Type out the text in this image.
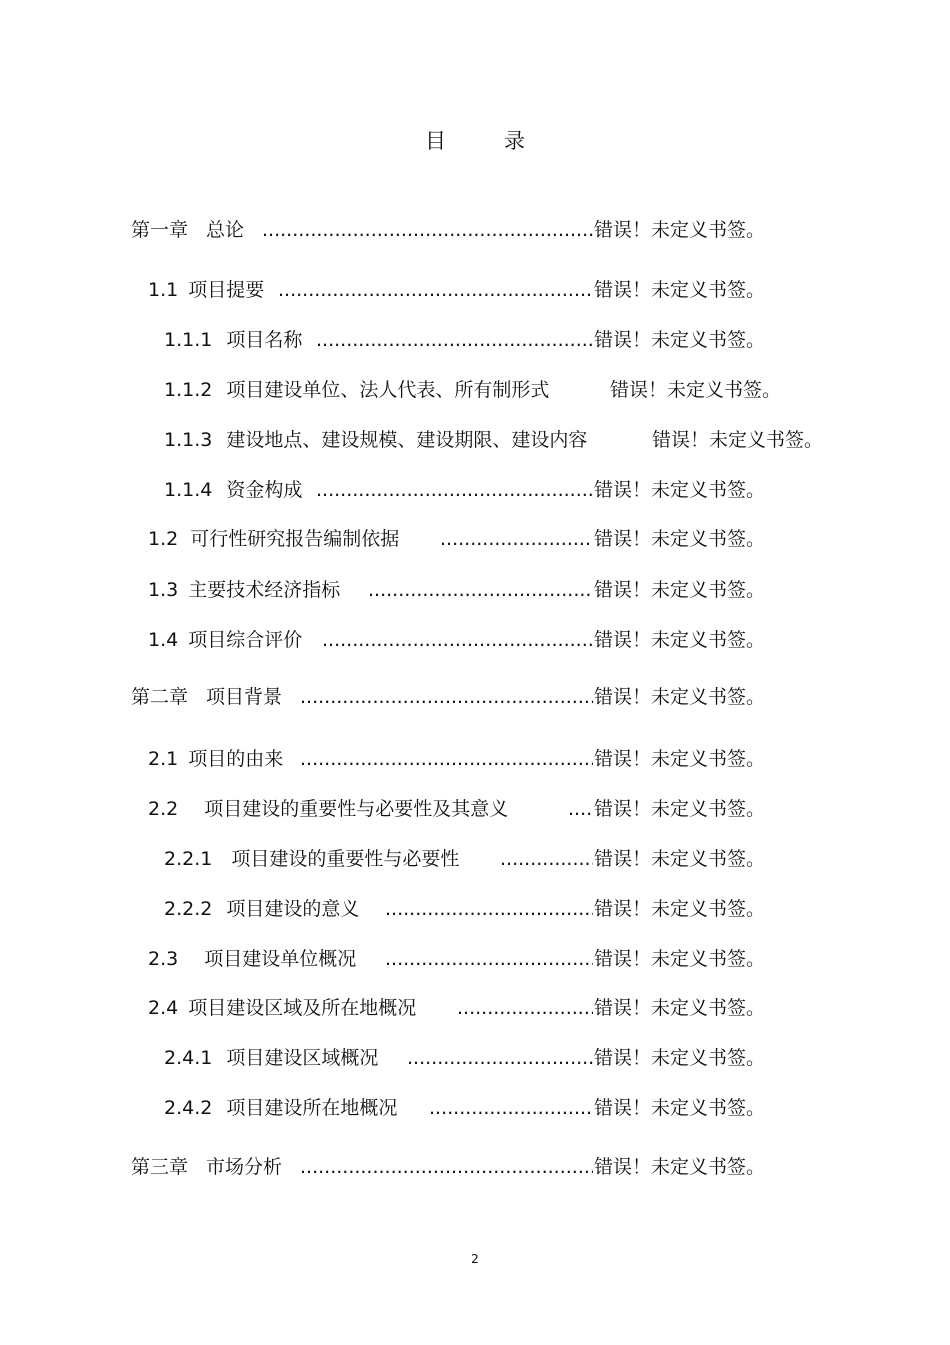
目	录
第一章 总论 .....	错误！未定义书签。
1.1 项目提要 .....	错误！未定义书签。
1.1.1 项目名称 .....	错误！未定义书签。
1.1.2 项目建设单位、法人代表、所有制形式	错误！未定义书签。
1.1.3 建设地点、建设规模、建设期限、建设内容	错误！未定义书签。
1.1.4 资金构成 .....	错误！未定义书签。
1.2 可行性研究报告编制依据 .....	错误！未定义书签。
1.3 主要技术经济指标 .....	错误！未定义书签。
1.4 项目综合评价 .....	错误！未定义书签。
第二章 项目背景 .....	错误！未定义书签。
2.1 项目的由来 .....	错误！未定义书签。
2.2 项目建设的重要性与必要性及其意义 .....	错误！未定义书签。
2.2.1 项目建设的重要性与必要性 .....	错误！未定义书签。
2.2.2 项目建设的意义 .....	错误！未定义书签。
2.3 项目建设单位概况 .....	错误！未定义书签。
2.4 项目建设区域及所在地概况 .....	错误！未定义书签。
2.4.1 项目建设区域概况 .....	错误！未定义书签。
2.4.2 项目建设所在地概况 .....	错误！未定义书签。
第三章 市场分析 .....	错误！未定义书签。
2
